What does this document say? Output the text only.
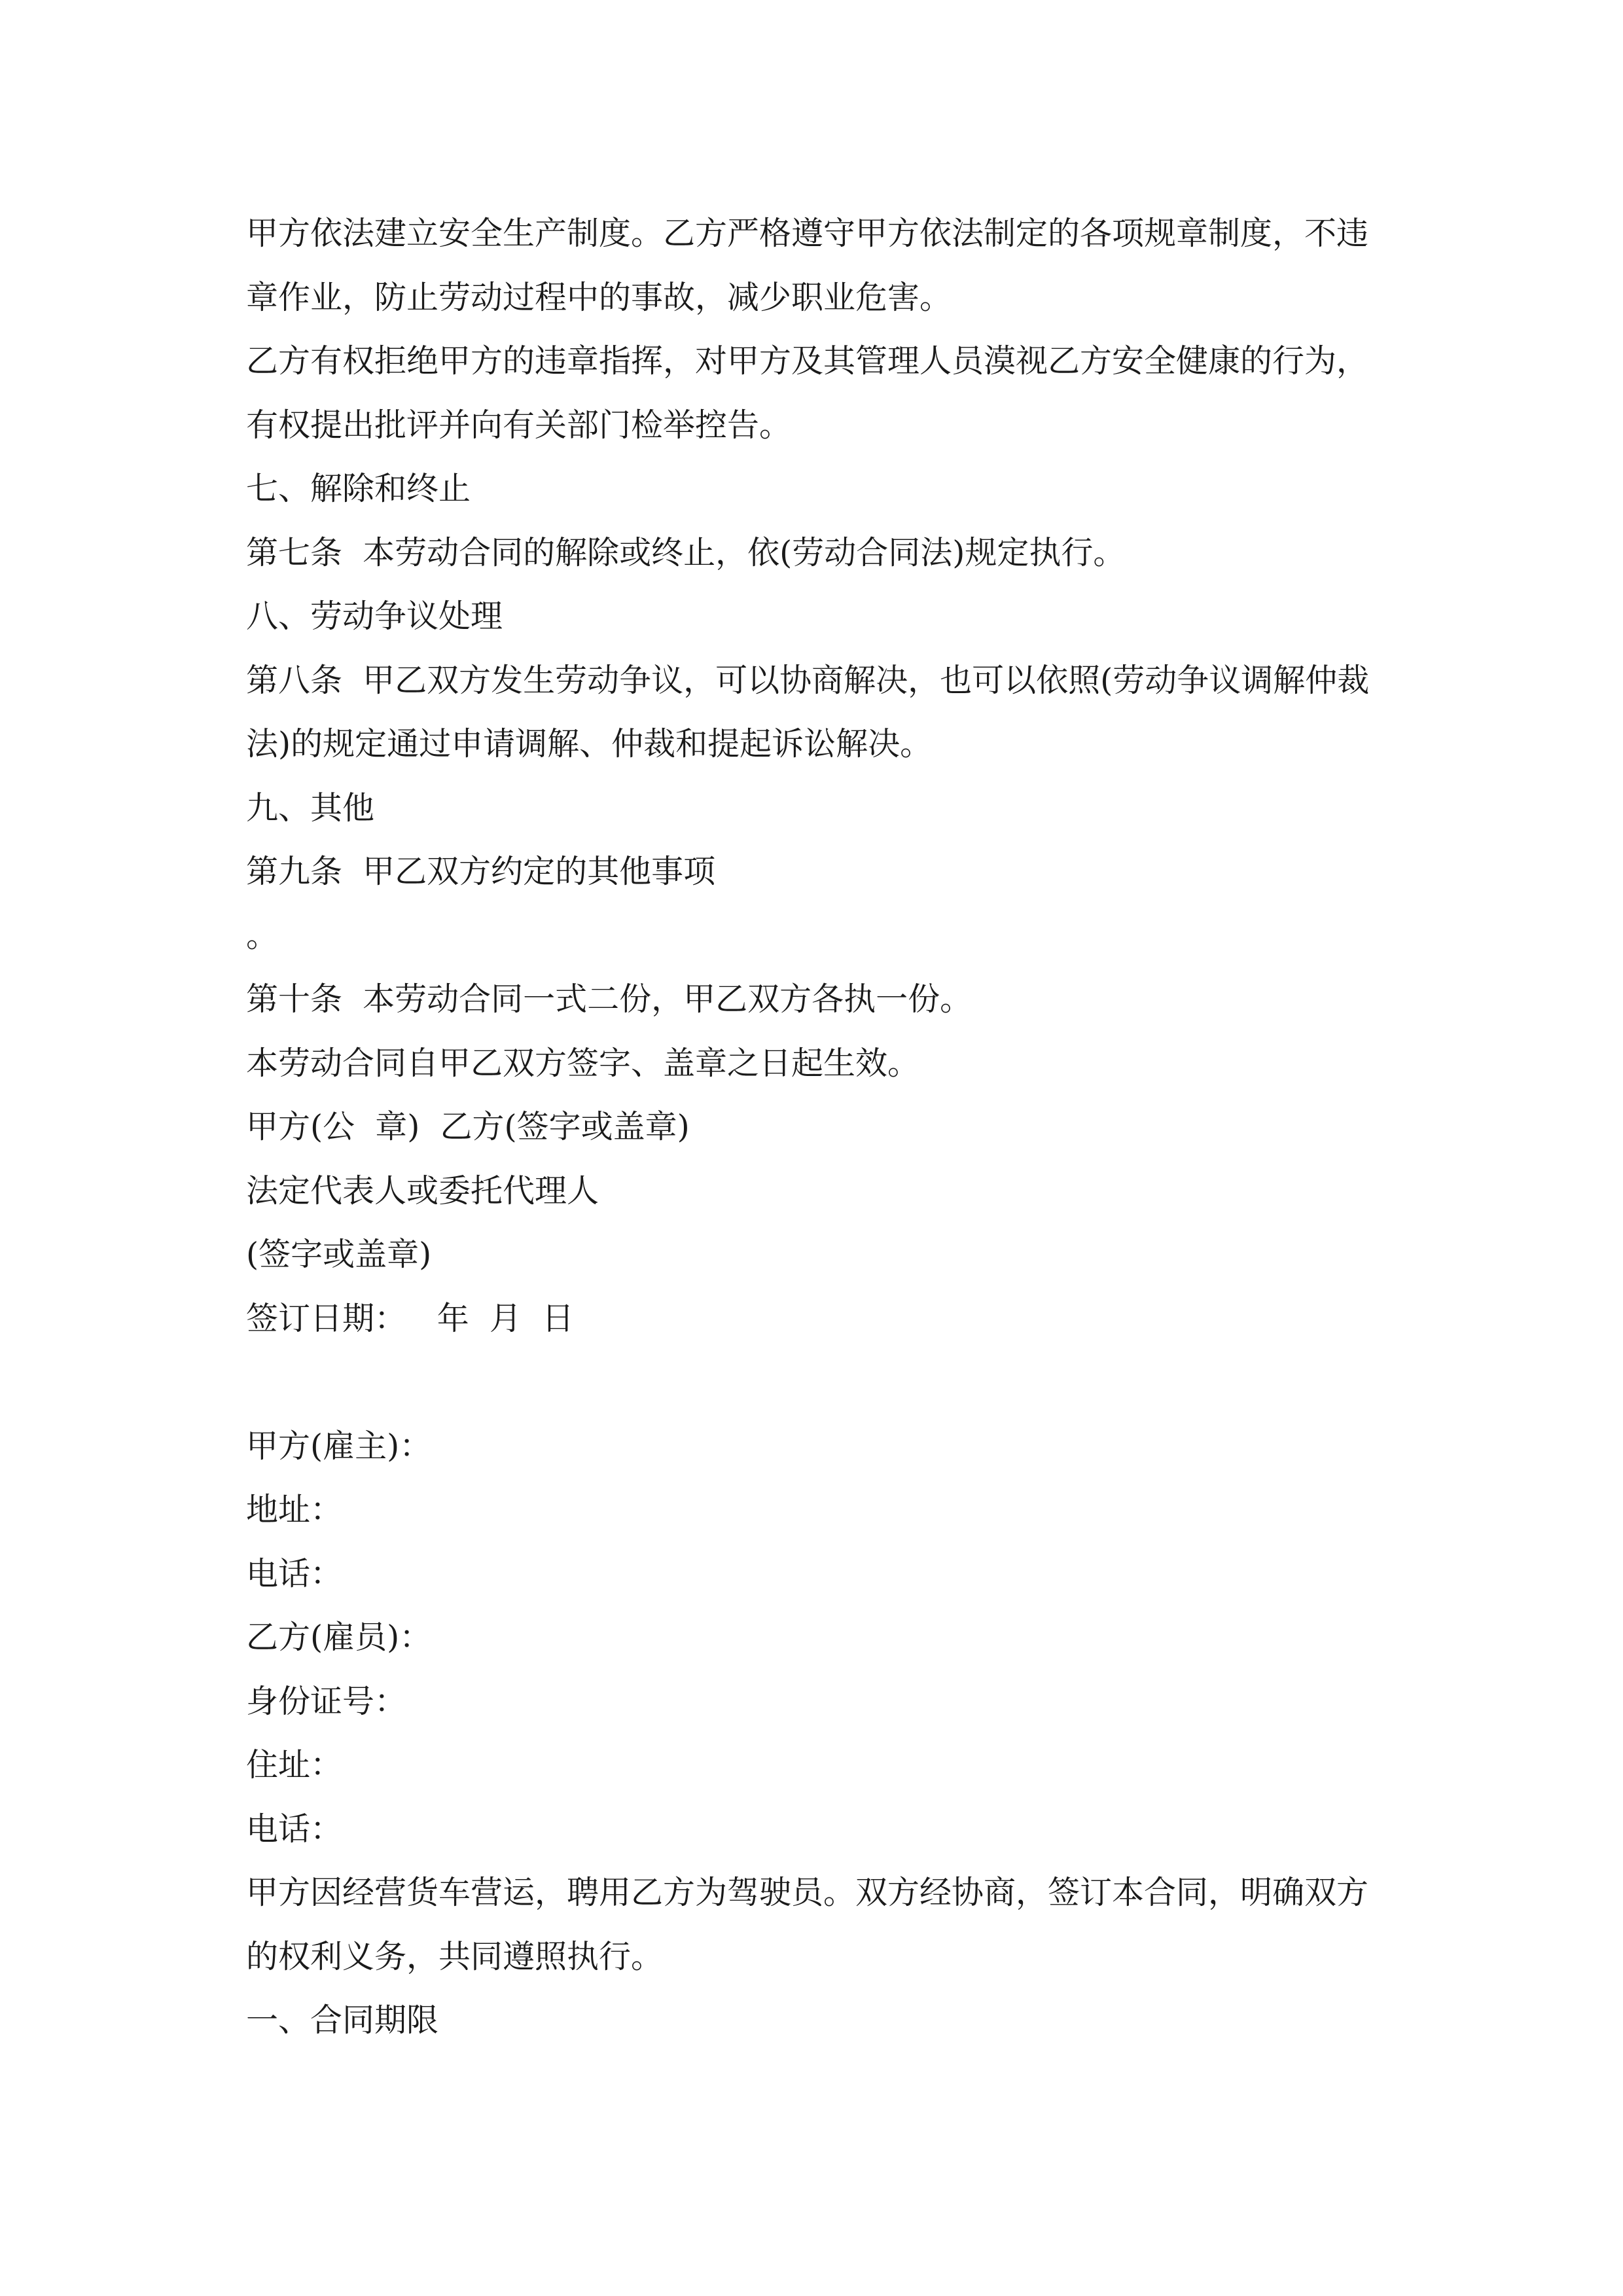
甲方依法建立安全生产制度。乙方严格遵守甲方依法制定的各项规章制度，不违
章作业，防止劳动过程中的事故，减少职业危害。
乙方有权拒绝甲方的违章指挥，对甲方及其管理人员漠视乙方安全健康的行为，
有权提出批评并向有关部门检举控告。
七、解除和终止
第七条  本劳动合同的解除或终止，依(劳动合同法)规定执行。
八、劳动争议处理
第八条  甲乙双方发生劳动争议，可以协商解决，也可以依照(劳动争议调解仲裁
法)的规定通过申请调解、仲裁和提起诉讼解决。
九、其他
第九条  甲乙双方约定的其他事项
。
第十条  本劳动合同一式二份，甲乙双方各执一份。
本劳动合同自甲乙双方签字、盖章之日起生效。
甲方(公  章)  乙方(签字或盖章)
法定代表人或委托代理人
(签字或盖章)
签订日期：   年  月  日
甲方(雇主)：
地址：
电话：
乙方(雇员)：
身份证号：
住址：
电话：
甲方因经营货车营运，聘用乙方为驾驶员。双方经协商，签订本合同，明确双方
的权利义务，共同遵照执行。
一、合同期限
